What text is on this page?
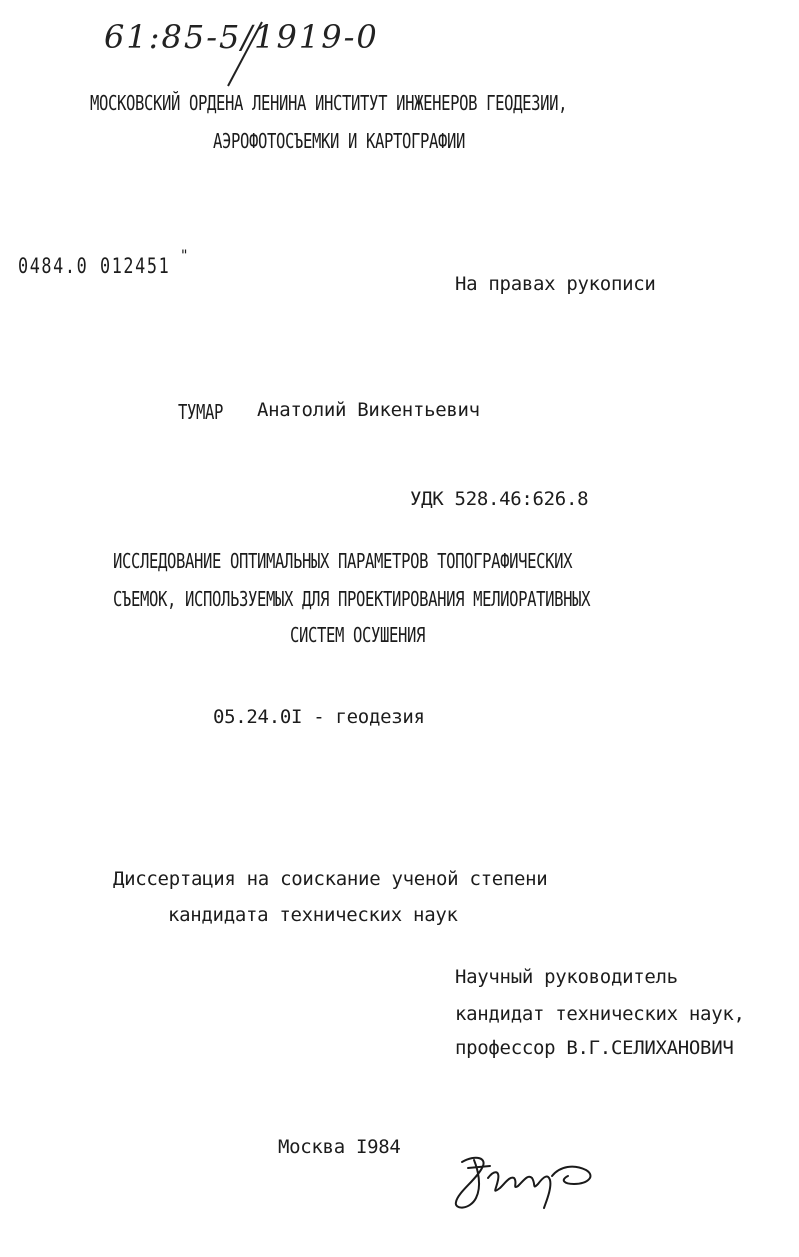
61:85-5/1919-0
МОСКОВСКИЙ ОРДЕНА ЛЕНИНА ИНСТИТУТ ИНЖЕНЕРОВ ГЕОДЕЗИИ,
АЭРОФОТОСЪЕМКИ И КАРТОГРАФИИ
0484.0 012451 "
На правах рукописи
ТУМАР Анатолий Викентьевич
УДК 528.46:626.8
ИССЛЕДОВАНИЕ ОПТИМАЛЬНЫХ ПАРАМЕТРОВ ТОПОГРАФИЧЕСКИХ
СЪЕМОК, ИСПОЛЬЗУЕМЫХ ДЛЯ ПРОЕКТИРОВАНИЯ МЕЛИОРАТИВНЫХ
СИСТЕМ ОСУШЕНИЯ
05.24.0I - геодезия
Диссертация на соискание ученой степени
кандидата технических наук
Научный руководитель
кандидат технических наук,
профессор В.Г.СЕЛИХАНОВИЧ
Москва I984
